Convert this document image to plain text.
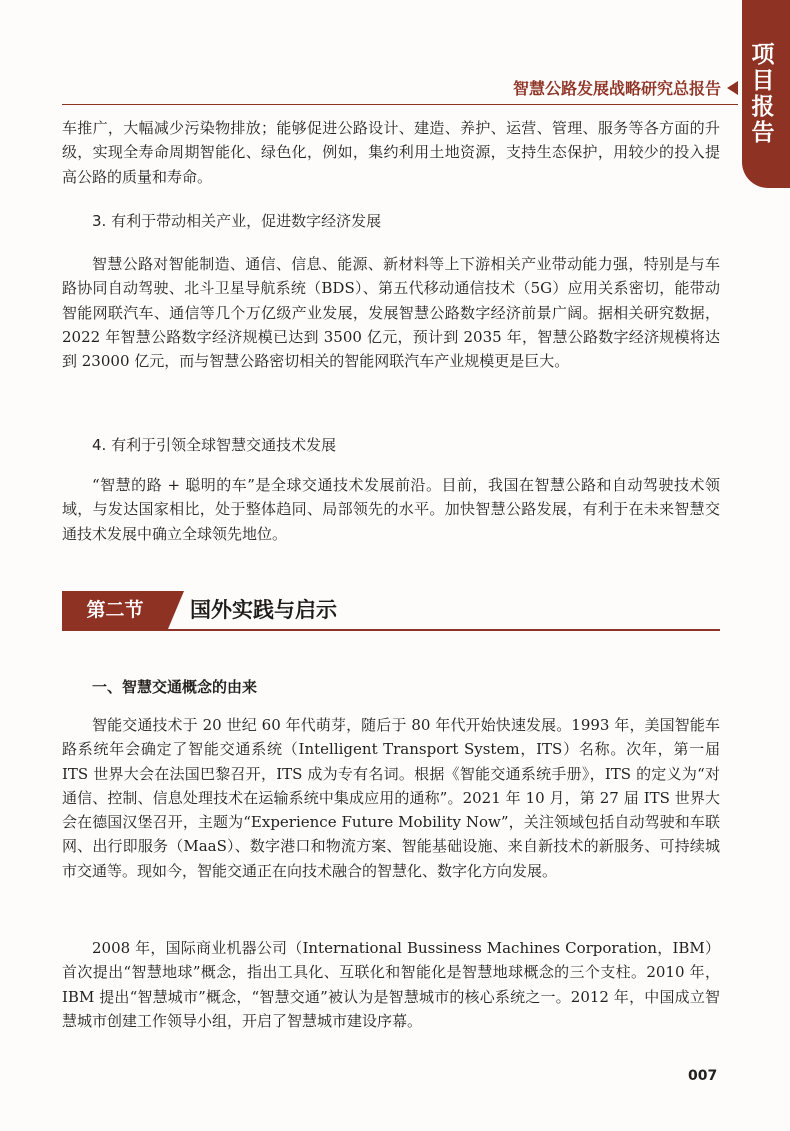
项目报告
智慧公路发展战略研究总报告

车推广，大幅减少污染物排放；能够促进公路设计、建造、养护、运营、管理、服务等各方面的升级，实现全寿命周期智能化、绿色化，例如，集约利用土地资源，支持生态保护，用较少的投入提高公路的质量和寿命。

3. 有利于带动相关产业，促进数字经济发展

智慧公路对智能制造、通信、信息、能源、新材料等上下游相关产业带动能力强，特别是与车路协同自动驾驶、北斗卫星导航系统（BDS）、第五代移动通信技术（5G）应用关系密切，能带动智能网联汽车、通信等几个万亿级产业发展，发展智慧公路数字经济前景广阔。据相关研究数据，2022 年智慧公路数字经济规模已达到 3500 亿元，预计到 2035 年，智慧公路数字经济规模将达到 23000 亿元，而与智慧公路密切相关的智能网联汽车产业规模更是巨大。

4. 有利于引领全球智慧交通技术发展

“智慧的路 + 聪明的车”是全球交通技术发展前沿。目前，我国在智慧公路和自动驾驶技术领域，与发达国家相比，处于整体趋同、局部领先的水平。加快智慧公路发展，有利于在未来智慧交通技术发展中确立全球领先地位。

第二节	国外实践与启示
一、智慧交通概念的由来

智能交通技术于 20 世纪 60 年代萌芽，随后于 80 年代开始快速发展。1993 年，美国智能车路系统年会确定了智能交通系统（Intelligent Transport System，ITS）名称。次年，第一届 ITS 世界大会在法国巴黎召开，ITS 成为专有名词。根据《智能交通系统手册》，ITS 的定义为“对通信、控制、信息处理技术在运输系统中集成应用的通称”。2021 年 10 月，第 27 届 ITS 世界大会在德国汉堡召开，主题为“Experience Future Mobility Now”，关注领域包括自动驾驶和车联网、出行即服务（MaaS）、数字港口和物流方案、智能基础设施、来自新技术的新服务、可持续城市交通等。现如今，智能交通正在向技术融合的智慧化、数字化方向发展。

2008 年，国际商业机器公司（International Bussiness Machines Corporation，IBM）首次提出“智慧地球”概念，指出工具化、互联化和智能化是智慧地球概念的三个支柱。2010 年，IBM 提出“智慧城市”概念，“智慧交通”被认为是智慧城市的核心系统之一。2012 年，中国成立智慧城市创建工作领导小组，开启了智慧城市建设序幕。

007
